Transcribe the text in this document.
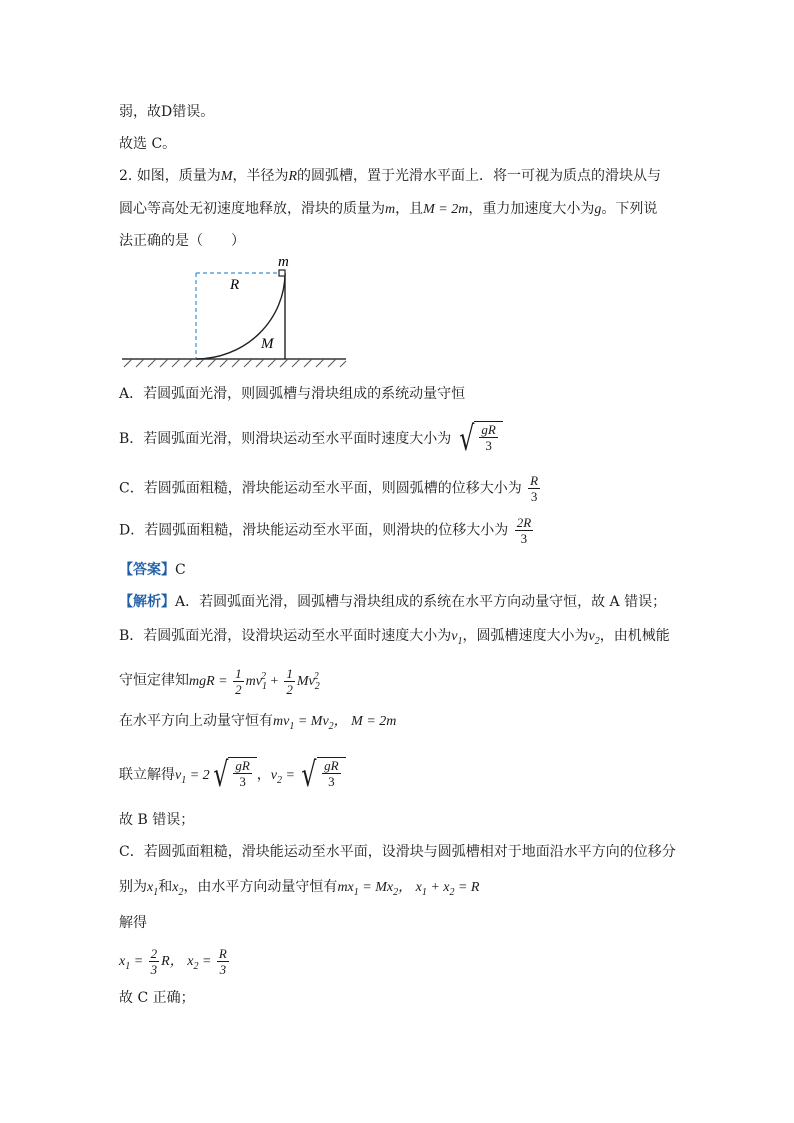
弱，故D错误。
故选 C。
2. 如图，质量为M，半径为R的圆弧槽，置于光滑水平面上．将一可视为质点的滑块从与
圆心等高处无初速度地释放，滑块的质量为m，且M = 2m，重力加速度大小为g。下列说
法正确的是（　　）
m
R
M
A．若圆弧面光滑，则圆弧槽与滑块组成的系统动量守恒
B．若圆弧面光滑，则滑块运动至水平面时速度大小为 √ $\frac{gR}{3}$
C．若圆弧面粗糙，滑块能运动至水平面，则圆弧槽的位移大小为 $\frac{R}{3}$
D．若圆弧面粗糙，滑块能运动至水平面，则滑块的位移大小为 $\frac{2R}{3}$
【答案】C
【解析】A．若圆弧面光滑，圆弧槽与滑块组成的系统在水平方向动量守恒，故 A 错误；
B．若圆弧面光滑，设滑块运动至水平面时速度大小为$v_1$，圆弧槽速度大小为$v_2$，由机械能
守恒定律知mgR = $\frac{1}{2} mv_1^2 + \frac{1}{2} Mv_2^2$
在水平方向上动量守恒有$mv_1 = Mv_2$， M = 2m
联立解得$v_1 = 2$ √ $\frac{gR}{3}$ ，$v_2$ = √ $\frac{gR}{3}$
故 B 错误；
C．若圆弧面粗糙，滑块能运动至水平面，设滑块与圆弧槽相对于地面沿水平方向的位移分
别为$x_1$和$x_2$，由水平方向动量守恒有$mx_1 = Mx_2$， $x_1 + x_2 = R$
解得
$x_1 = \frac{2}{3}$ R， $x_2 = \frac{R}{3}$
故 C 正确；
